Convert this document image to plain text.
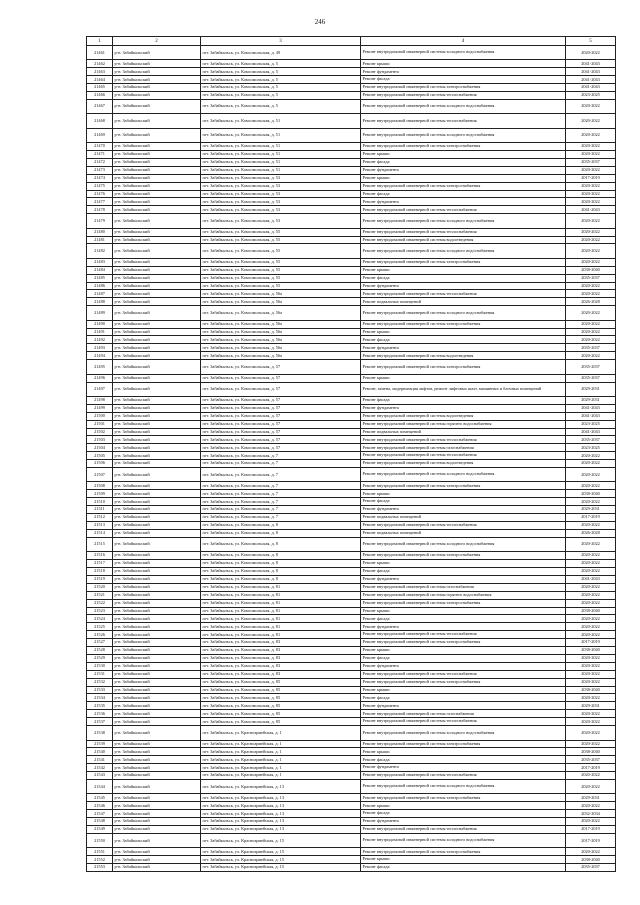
246
1	2	3	4	5
21461	р-н. Забайкальский	пгт. Забайкальск, ул. Комсомольская, д. 49	Ремонт внутридомовой инженерной системы холодного водоснабжения	2020-2022
21462	р-н. Забайкальский	пгт. Забайкальск, ул. Комсомольская, д. 5	Ремонт крыши	2041-2043
21463	р-н. Забайкальский	пгт. Забайкальск, ул. Комсомольская, д. 5	Ремонт фундамента	2041-2043
21464	р-н. Забайкальский	пгт. Забайкальск, ул. Комсомольская, д. 5	Ремонт фасада	2041-2043
21465	р-н. Забайкальский	пгт. Забайкальск, ул. Комсомольская, д. 5	Ремонт внутридомовой инженерной системы электроснабжения	2041-2043
21466	р-н. Забайкальский	пгт. Забайкальск, ул. Комсомольская, д. 5	Ремонт внутридомовой инженерной системы теплоснабжения	2023-2025
21467	р-н. Забайкальский	пгт. Забайкальск, ул. Комсомольская, д. 5	Ремонт внутридомовой инженерной системы холодного водоснабжения	2020-2022
21468	р-н. Забайкальский	пгт. Забайкальск, ул. Комсомольская, д. 51	Ремонт внутридомовой инженерной системы теплоснабжения	2020-2022
21469	р-н. Забайкальский	пгт. Забайкальск, ул. Комсомольская, д. 51	Ремонт внутридомовой инженерной системы холодного водоснабжения	2020-2022
21470	р-н. Забайкальский	пгт. Забайкальск, ул. Комсомольская, д. 51	Ремонт внутридомовой инженерной системы электроснабжения	2020-2022
21471	р-н. Забайкальский	пгт. Забайкальск, ул. Комсомольская, д. 51	Ремонт крыши	2020-2022
21472	р-н. Забайкальский	пгт. Забайкальск, ул. Комсомольская, д. 51	Ремонт фасада	2035-2037
21473	р-н. Забайкальский	пгт. Забайкальск, ул. Комсомольская, д. 51	Ремонт фундамента	2020-2022
21474	р-н. Забайкальский	пгт. Забайкальск, ул. Комсомольская, д. 53	Ремонт крыши	2017-2019
21475	р-н. Забайкальский	пгт. Забайкальск, ул. Комсомольская, д. 53	Ремонт внутридомовой инженерной системы электроснабжения	2020-2022
21476	р-н. Забайкальский	пгт. Забайкальск, ул. Комсомольская, д. 53	Ремонт фасада	2020-2022
21477	р-н. Забайкальский	пгт. Забайкальск, ул. Комсомольская, д. 53	Ремонт фундамента	2020-2022
21478	р-н. Забайкальский	пгт. Забайкальск, ул. Комсомольская, д. 53	Ремонт внутридомовой инженерной системы теплоснабжения	2041-2043
21479	р-н. Забайкальский	пгт. Забайкальск, ул. Комсомольская, д. 53	Ремонт внутридомовой инженерной системы холодного водоснабжения	2020-2022
21480	р-н. Забайкальский	пгт. Забайкальск, ул. Комсомольская, д. 55	Ремонт внутридомовой инженерной системы теплоснабжения	2020-2022
21481	р-н. Забайкальский	пгт. Забайкальск, ул. Комсомольская, д. 55	Ремонт внутридомовой инженерной системы водоотведения	2020-2022
21482	р-н. Забайкальский	пгт. Забайкальск, ул. Комсомольская, д. 55	Ремонт внутридомовой инженерной системы холодного водоснабжения	2020-2022
21483	р-н. Забайкальский	пгт. Забайкальск, ул. Комсомольская, д. 55	Ремонт внутридомовой инженерной системы электроснабжения	2020-2022
21484	р-н. Забайкальский	пгт. Забайкальск, ул. Комсомольская, д. 55	Ремонт крыши	2038-2040
21485	р-н. Забайкальский	пгт. Забайкальск, ул. Комсомольская, д. 55	Ремонт фасада	2035-2037
21486	р-н. Забайкальский	пгт. Забайкальск, ул. Комсомольская, д. 55	Ремонт фундамента	2020-2022
21487	р-н. Забайкальский	пгт. Забайкальск, ул. Комсомольская, д. 56а	Ремонт внутридомовой инженерной системы теплоснабжения	2020-2022
21488	р-н. Забайкальский	пгт. Забайкальск, ул. Комсомольская, д. 56а	Ремонт подвальных помещений	2026-2028
21489	р-н. Забайкальский	пгт. Забайкальск, ул. Комсомольская, д. 56а	Ремонт внутридомовой инженерной системы холодного водоснабжения	2020-2022
21490	р-н. Забайкальский	пгт. Забайкальск, ул. Комсомольская, д. 56а	Ремонт внутридомовой инженерной системы электроснабжения	2020-2022
21491	р-н. Забайкальский	пгт. Забайкальск, ул. Комсомольская, д. 56а	Ремонт крыши	2020-2022
21492	р-н. Забайкальский	пгт. Забайкальск, ул. Комсомольская, д. 56а	Ремонт фасада	2020-2022
21493	р-н. Забайкальский	пгт. Забайкальск, ул. Комсомольская, д. 56а	Ремонт фундамента	2035-2037
21494	р-н. Забайкальский	пгт. Забайкальск, ул. Комсомольская, д. 56а	Ремонт внутридомовой инженерной системы водоотведения	2020-2022
21495	р-н. Забайкальский	пгт. Забайкальск, ул. Комсомольская, д. 57	Ремонт внутридомовой инженерной системы электроснабжения	2035-2037
21496	р-н. Забайкальский	пгт. Забайкальск, ул. Комсомольская, д. 57	Ремонт крыши	2035-2037
21497	р-н. Забайкальский	пгт. Забайкальск, ул. Комсомольская, д. 57	Ремонт, замена, модернизация лифтов, ремонт лифтовых шахт, машинных и блочных помещений	2029-2031
21498	р-н. Забайкальский	пгт. Забайкальск, ул. Комсомольская, д. 57	Ремонт фасада	2029-2031
21499	р-н. Забайкальский	пгт. Забайкальск, ул. Комсомольская, д. 57	Ремонт фундамента	2041-2043
21500	р-н. Забайкальский	пгт. Забайкальск, ул. Комсомольская, д. 57	Ремонт внутридомовой инженерной системы водоотведения	2041-2043
21501	р-н. Забайкальский	пгт. Забайкальск, ул. Комсомольская, д. 57	Ремонт внутридомовой инженерной системы горячего водоснабжения	2023-2025
21502	р-н. Забайкальский	пгт. Забайкальск, ул. Комсомольская, д. 57	Ремонт подвальных помещений	2041-2043
21503	р-н. Забайкальский	пгт. Забайкальск, ул. Комсомольская, д. 57	Ремонт внутридомовой инженерной системы теплоснабжения	2035-2037
21504	р-н. Забайкальский	пгт. Забайкальск, ул. Комсомольская, д. 57	Ремонт внутридомовой инженерной системы газоснабжения	2023-2025
21505	р-н. Забайкальский	пгт. Забайкальск, ул. Комсомольская, д. 7	Ремонт внутридомовой инженерной системы теплоснабжения	2020-2022
21506	р-н. Забайкальский	пгт. Забайкальск, ул. Комсомольская, д. 7	Ремонт внутридомовой инженерной системы водоотведения	2020-2022
21507	р-н. Забайкальский	пгт. Забайкальск, ул. Комсомольская, д. 7	Ремонт внутридомовой инженерной системы холодного водоснабжения	2020-2022
21508	р-н. Забайкальский	пгт. Забайкальск, ул. Комсомольская, д. 7	Ремонт внутридомовой инженерной системы электроснабжения	2020-2022
21509	р-н. Забайкальский	пгт. Забайкальск, ул. Комсомольская, д. 7	Ремонт крыши	2038-2040
21510	р-н. Забайкальский	пгт. Забайкальск, ул. Комсомольская, д. 7	Ремонт фасада	2020-2022
21511	р-н. Забайкальский	пгт. Забайкальск, ул. Комсомольская, д. 7	Ремонт фундамента	2029-2031
21512	р-н. Забайкальский	пгт. Забайкальск, ул. Комсомольская, д. 7	Ремонт подвальных помещений	2017-2019
21513	р-н. Забайкальский	пгт. Забайкальск, ул. Комсомольская, д. 8	Ремонт внутридомовой инженерной системы теплоснабжения	2020-2022
21514	р-н. Забайкальский	пгт. Забайкальск, ул. Комсомольская, д. 8	Ремонт подвальных помещений	2026-2028
21515	р-н. Забайкальский	пгт. Забайкальск, ул. Комсомольская, д. 8	Ремонт внутридомовой инженерной системы холодного водоснабжения	2020-2022
21516	р-н. Забайкальский	пгт. Забайкальск, ул. Комсомольская, д. 8	Ремонт внутридомовой инженерной системы электроснабжения	2020-2022
21517	р-н. Забайкальский	пгт. Забайкальск, ул. Комсомольская, д. 8	Ремонт крыши	2020-2022
21518	р-н. Забайкальский	пгт. Забайкальск, ул. Комсомольская, д. 8	Ремонт фасада	2020-2022
21519	р-н. Забайкальский	пгт. Забайкальск, ул. Комсомольская, д. 8	Ремонт фундамента	2041-2043
21520	р-н. Забайкальский	пгт. Забайкальск, ул. Комсомольская, д. 81	Ремонт внутридомовой инженерной системы газоснабжения	2020-2022
21521	р-н. Забайкальский	пгт. Забайкальск, ул. Комсомольская, д. 81	Ремонт внутридомовой инженерной системы горячего водоснабжения	2020-2022
21522	р-н. Забайкальский	пгт. Забайкальск, ул. Комсомольская, д. 81	Ремонт внутридомовой инженерной системы электроснабжения	2020-2022
21523	р-н. Забайкальский	пгт. Забайкальск, ул. Комсомольская, д. 81	Ремонт крыши	2038-2040
21524	р-н. Забайкальский	пгт. Забайкальск, ул. Комсомольская, д. 81	Ремонт фасада	2020-2022
21525	р-н. Забайкальский	пгт. Забайкальск, ул. Комсомольская, д. 81	Ремонт фундамента	2020-2022
21526	р-н. Забайкальский	пгт. Забайкальск, ул. Комсомольская, д. 81	Ремонт внутридомовой инженерной системы теплоснабжения	2020-2022
21527	р-н. Забайкальский	пгт. Забайкальск, ул. Комсомольская, д. 83	Ремонт внутридомовой инженерной системы электроснабжения	2017-2019
21528	р-н. Забайкальский	пгт. Забайкальск, ул. Комсомольская, д. 83	Ремонт крыши	2038-2040
21529	р-н. Забайкальский	пгт. Забайкальск, ул. Комсомольская, д. 83	Ремонт фасада	2020-2022
21530	р-н. Забайкальский	пгт. Забайкальск, ул. Комсомольская, д. 83	Ремонт фундамента	2020-2022
21531	р-н. Забайкальский	пгт. Забайкальск, ул. Комсомольская, д. 83	Ремонт внутридомовой инженерной системы теплоснабжения	2020-2022
21532	р-н. Забайкальский	пгт. Забайкальск, ул. Комсомольская, д. 85	Ремонт внутридомовой инженерной системы электроснабжения	2020-2022
21533	р-н. Забайкальский	пгт. Забайкальск, ул. Комсомольская, д. 85	Ремонт крыши	2038-2040
21534	р-н. Забайкальский	пгт. Забайкальск, ул. Комсомольская, д. 85	Ремонт фасада	2020-2022
21535	р-н. Забайкальский	пгт. Забайкальск, ул. Комсомольская, д. 85	Ремонт фундамента	2029-2031
21536	р-н. Забайкальский	пгт. Забайкальск, ул. Комсомольская, д. 85	Ремонт внутридомовой инженерной системы газоснабжения	2020-2022
21537	р-н. Забайкальский	пгт. Забайкальск, ул. Комсомольская, д. 85	Ремонт внутридомовой инженерной системы теплоснабжения	2020-2022
21538	р-н. Забайкальский	пгт. Забайкальск, ул. Красноармейская, д. 1	Ремонт внутридомовой инженерной системы холодного водоснабжения	2020-2022
21539	р-н. Забайкальский	пгт. Забайкальск, ул. Красноармейская, д. 1	Ремонт внутридомовой инженерной системы электроснабжения	2020-2022
21540	р-н. Забайкальский	пгт. Забайкальск, ул. Красноармейская, д. 1	Ремонт крыши	2038-2040
21541	р-н. Забайкальский	пгт. Забайкальск, ул. Красноармейская, д. 1	Ремонт фасада	2035-2037
21542	р-н. Забайкальский	пгт. Забайкальск, ул. Красноармейская, д. 1	Ремонт фундамента	2017-2019
21543	р-н. Забайкальский	пгт. Забайкальск, ул. Красноармейская, д. 1	Ремонт внутридомовой инженерной системы теплоснабжения	2020-2022
21544	р-н. Забайкальский	пгт. Забайкальск, ул. Красноармейская, д. 13	Ремонт внутридомовой инженерной системы холодного водоснабжения	2020-2022
21545	р-н. Забайкальский	пгт. Забайкальск, ул. Красноармейская, д. 13	Ремонт внутридомовой инженерной системы электроснабжения	2029-2031
21546	р-н. Забайкальский	пгт. Забайкальск, ул. Красноармейская, д. 13	Ремонт крыши	2020-2022
21547	р-н. Забайкальский	пгт. Забайкальск, ул. Красноармейская, д. 13	Ремонт фасада	2032-2034
21548	р-н. Забайкальский	пгт. Забайкальск, ул. Красноармейская, д. 13	Ремонт фундамента	2020-2022
21549	р-н. Забайкальский	пгт. Забайкальск, ул. Красноармейская, д. 13	Ремонт внутридомовой инженерной системы теплоснабжения	2017-2019
21550	р-н. Забайкальский	пгт. Забайкальск, ул. Красноармейская, д. 15	Ремонт внутридомовой инженерной системы холодного водоснабжения	2017-2019
21551	р-н. Забайкальский	пгт. Забайкальск, ул. Красноармейская, д. 15	Ремонт внутридомовой инженерной системы электроснабжения	2020-2022
21552	р-н. Забайкальский	пгт. Забайкальск, ул. Красноармейская, д. 15	Ремонт крыши	2038-2040
21553	р-н. Забайкальский	пгт. Забайкальск, ул. Красноармейская, д. 15	Ремонт фасада	2035-2037
